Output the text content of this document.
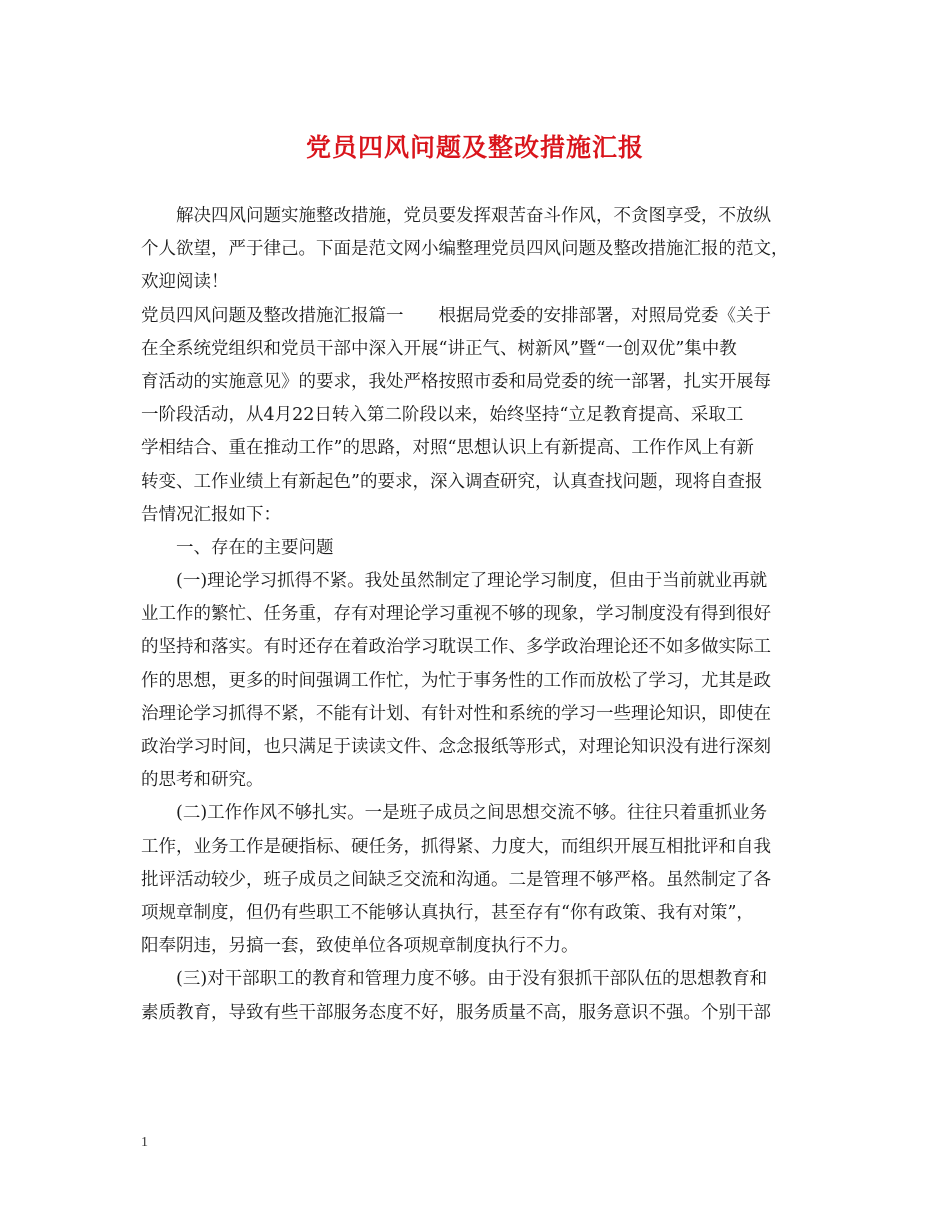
党员四风问题及整改措施汇报
解决四风问题实施整改措施，党员要发挥艰苦奋斗作风，不贪图享受，不放纵
个人欲望，严于律己。下面是范文网小编整理党员四风问题及整改措施汇报的范文，
欢迎阅读！
党员四风问题及整改措施汇报篇一　　根据局党委的安排部署，对照局党委《关于
在全系统党组织和党员干部中深入开展“讲正气、树新风”暨“一创双优”集中教
育活动的实施意见》的要求，我处严格按照市委和局党委的统一部署，扎实开展每
一阶段活动，从4月22日转入第二阶段以来，始终坚持“立足教育提高、采取工
学相结合、重在推动工作”的思路，对照“思想认识上有新提高、工作作风上有新
转变、工作业绩上有新起色”的要求，深入调查研究，认真查找问题，现将自查报
告情况汇报如下：
一、存在的主要问题
(一)理论学习抓得不紧。我处虽然制定了理论学习制度，但由于当前就业再就
业工作的繁忙、任务重，存有对理论学习重视不够的现象，学习制度没有得到很好
的坚持和落实。有时还存在着政治学习耽误工作、多学政治理论还不如多做实际工
作的思想，更多的时间强调工作忙，为忙于事务性的工作而放松了学习，尤其是政
治理论学习抓得不紧，不能有计划、有针对性和系统的学习一些理论知识，即使在
政治学习时间，也只满足于读读文件、念念报纸等形式，对理论知识没有进行深刻
的思考和研究。
(二)工作作风不够扎实。一是班子成员之间思想交流不够。往往只着重抓业务
工作，业务工作是硬指标、硬任务，抓得紧、力度大，而组织开展互相批评和自我
批评活动较少，班子成员之间缺乏交流和沟通。二是管理不够严格。虽然制定了各
项规章制度，但仍有些职工不能够认真执行，甚至存有“你有政策、我有对策”，
阳奉阴违，另搞一套，致使单位各项规章制度执行不力。
(三)对干部职工的教育和管理力度不够。由于没有狠抓干部队伍的思想教育和
素质教育，导致有些干部服务态度不好，服务质量不高，服务意识不强。个别干部
1
